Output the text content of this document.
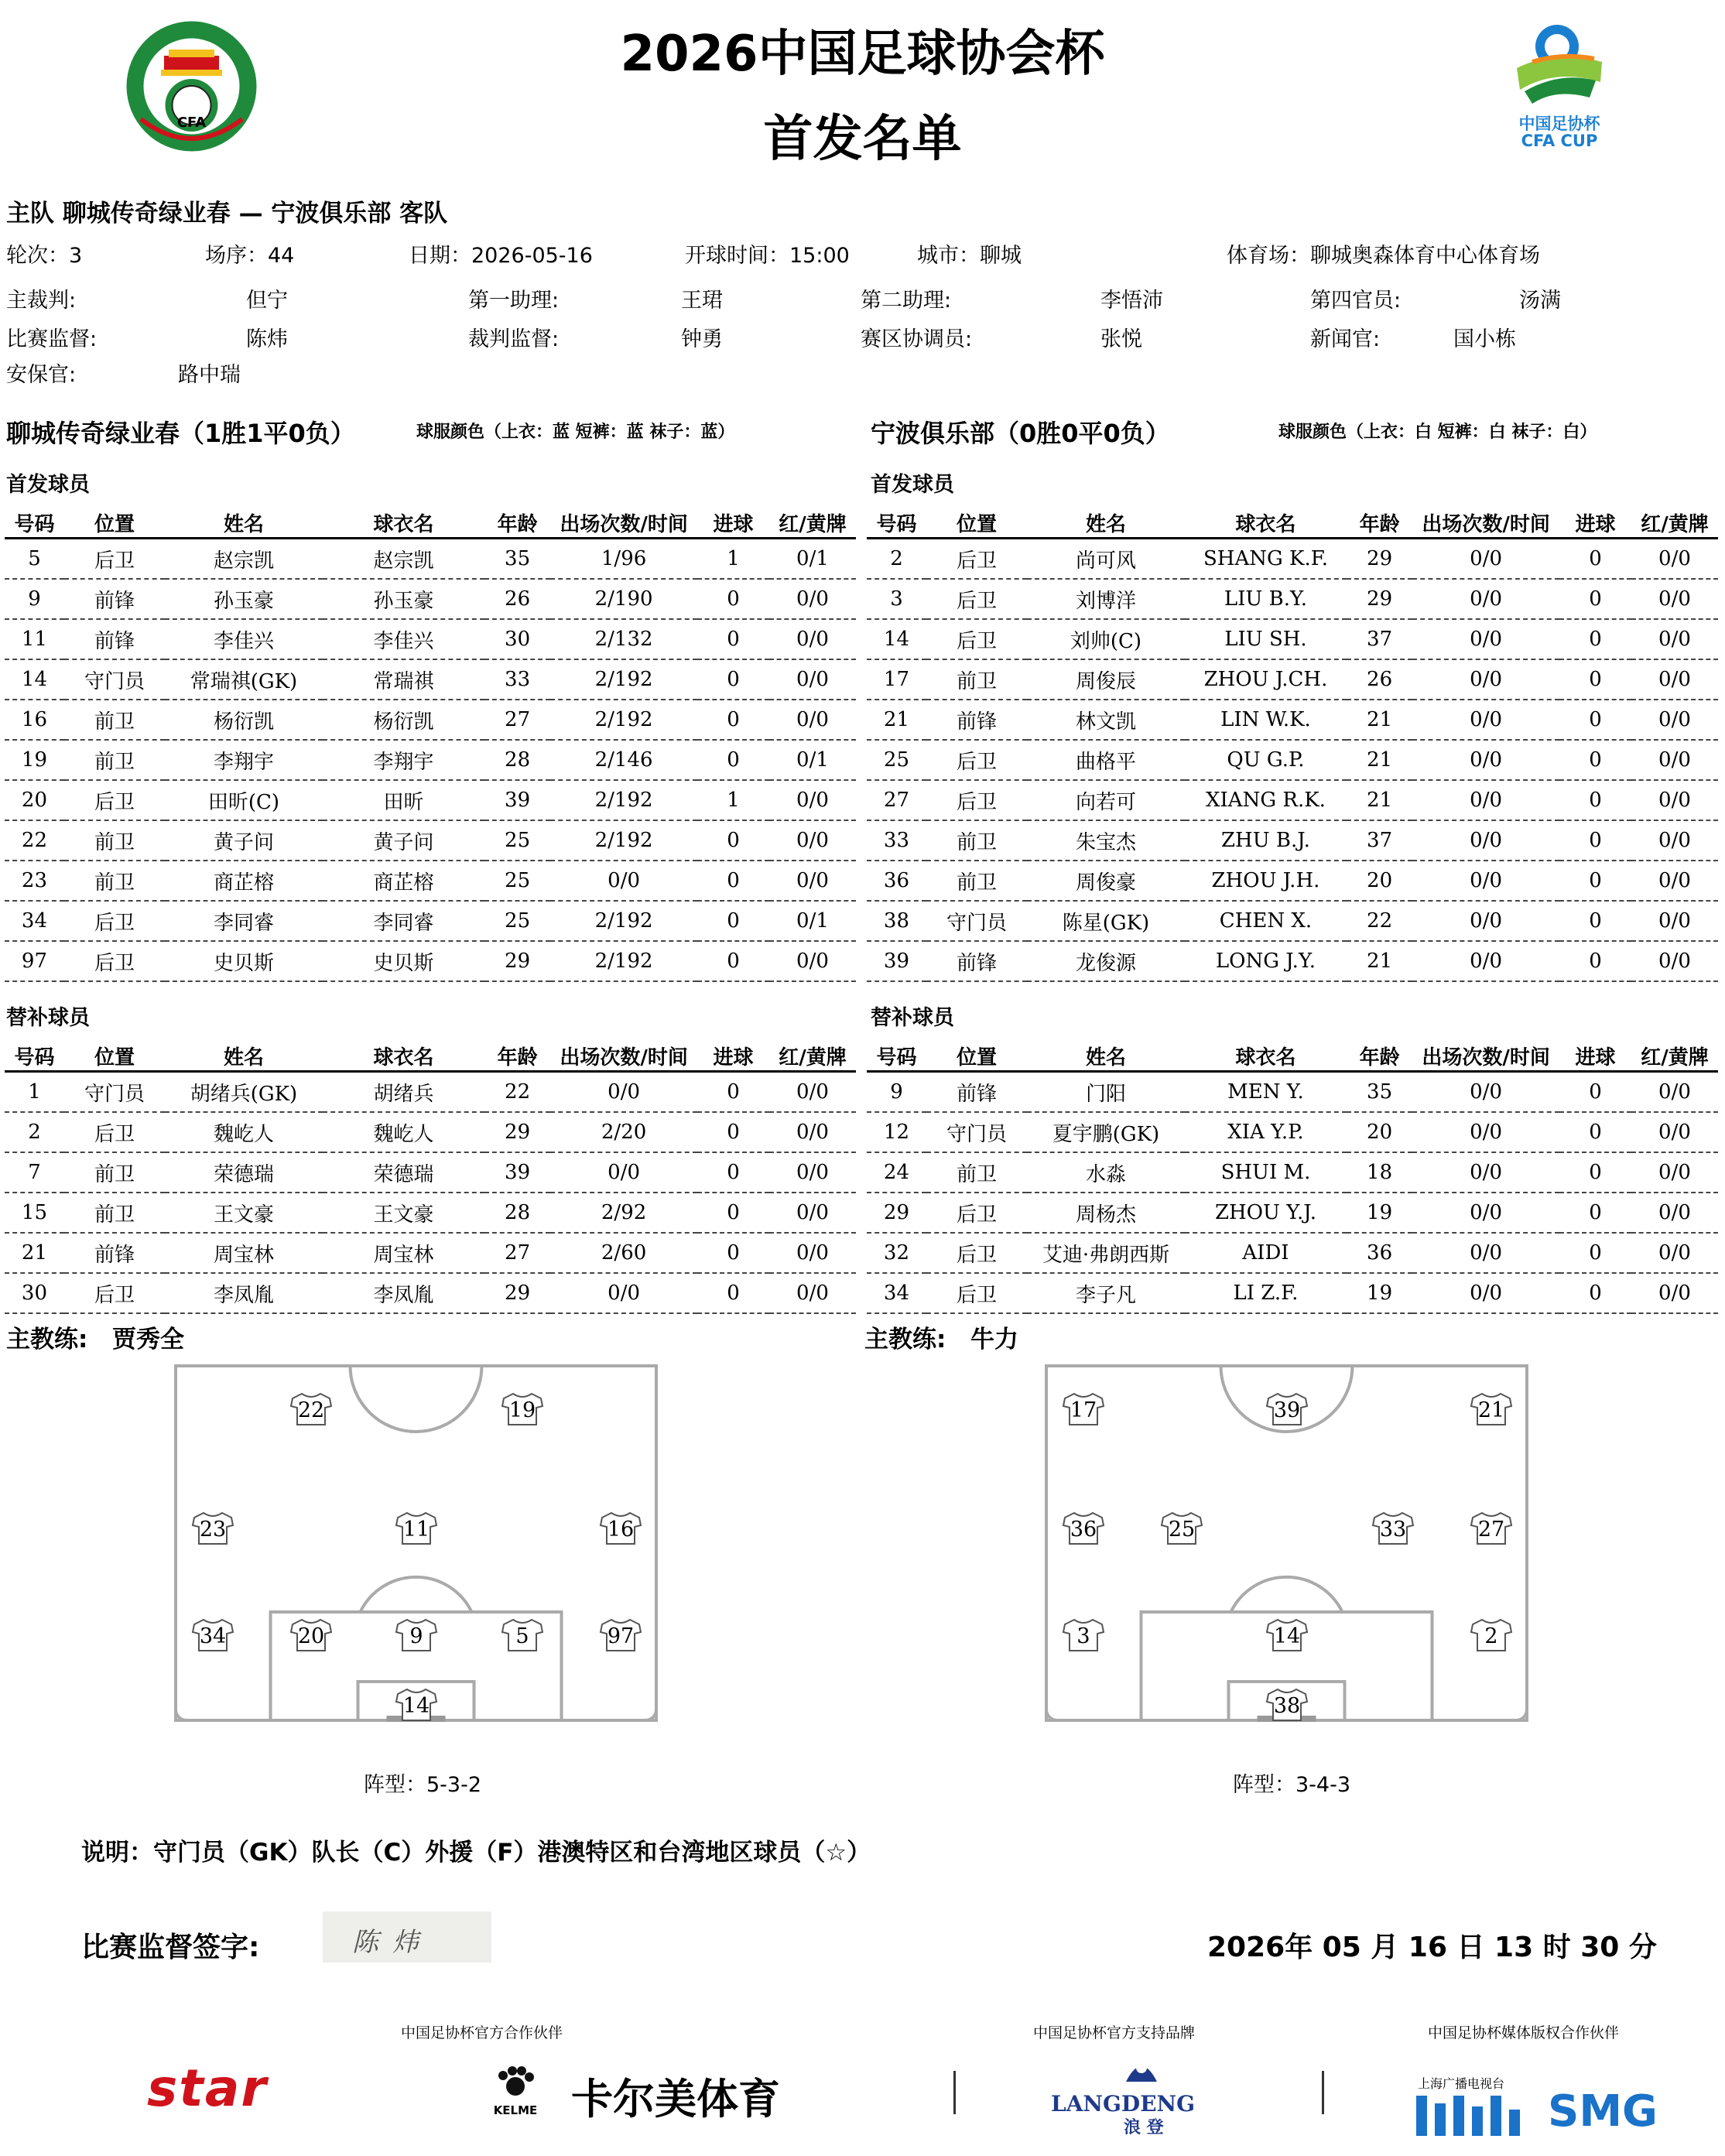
CFA	中国足协杯
CFA CUP
2026中国足球协会杯
首发名单
主队 聊城传奇绿业春 — 宁波俱乐部 客队
轮次：3	场序：44	日期：2026-05-16	开球时间：15:00	城市：聊城	体育场：聊城奥森体育中心体育场
主裁判:	但宁	第一助理:	王珺	第二助理:	李悟沛	第四官员:	汤满
比赛监督:	陈炜	裁判监督:	钟勇	赛区协调员:	张悦	新闻官:	国小栋
安保官:	路中瑞
聊城传奇绿业春（1胜1平0负）	球服颜色（上衣：蓝 短裤：蓝 袜子：蓝）	宁波俱乐部（0胜0平0负）	球服颜色（上衣：白 短裤：白 袜子：白）
首发球员	首发球员
号码	位置	姓名	球衣名	年龄	出场次数/时间	进球	红/黄牌
5	后卫	赵宗凯	赵宗凯	35	1/96	1	0/1
9	前锋	孙玉豪	孙玉豪	26	2/190	0	0/0
11	前锋	李佳兴	李佳兴	30	2/132	0	0/0
14	守门员	常瑞祺(GK)	常瑞祺	33	2/192	0	0/0
16	前卫	杨衍凯	杨衍凯	27	2/192	0	0/0
19	前卫	李翔宇	李翔宇	28	2/146	0	0/1
20	后卫	田昕(C)	田昕	39	2/192	1	0/0
22	前卫	黄子问	黄子问	25	2/192	0	0/0
23	前卫	商芷榕	商芷榕	25	0/0	0	0/0
34	后卫	李同睿	李同睿	25	2/192	0	0/1
97	后卫	史贝斯	史贝斯	29	2/192	0	0/0
号码	位置	姓名	球衣名	年龄	出场次数/时间	进球	红/黄牌
2	后卫	尚可风	SHANG K.F.	29	0/0	0	0/0
3	后卫	刘博洋	LIU B.Y.	29	0/0	0	0/0
14	后卫	刘帅(C)	LIU SH.	37	0/0	0	0/0
17	前卫	周俊辰	ZHOU J.CH.	26	0/0	0	0/0
21	前锋	林文凯	LIN W.K.	21	0/0	0	0/0
25	后卫	曲格平	QU G.P.	21	0/0	0	0/0
27	后卫	向若可	XIANG R.K.	21	0/0	0	0/0
33	前卫	朱宝杰	ZHU B.J.	37	0/0	0	0/0
36	前卫	周俊豪	ZHOU J.H.	20	0/0	0	0/0
38	守门员	陈星(GK)	CHEN X.	22	0/0	0	0/0
39	前锋	龙俊源	LONG J.Y.	21	0/0	0	0/0
替补球员	替补球员
号码	位置	姓名	球衣名	年龄	出场次数/时间	进球	红/黄牌
1	守门员	胡绪兵(GK)	胡绪兵	22	0/0	0	0/0
2	后卫	魏屹人	魏屹人	29	2/20	0	0/0
7	前卫	荣德瑞	荣德瑞	39	0/0	0	0/0
15	前卫	王文豪	王文豪	28	2/92	0	0/0
21	前锋	周宝林	周宝林	27	2/60	0	0/0
30	后卫	李凤胤	李凤胤	29	0/0	0	0/0
号码	位置	姓名	球衣名	年龄	出场次数/时间	进球	红/黄牌
9	前锋	门阳	MEN Y.	35	0/0	0	0/0
12	守门员	夏宇鹏(GK)	XIA Y.P.	20	0/0	0	0/0
24	前卫	水淼	SHUI M.	18	0/0	0	0/0
29	后卫	周杨杰	ZHOU Y.J.	19	0/0	0	0/0
32	后卫	艾迪·弗朗西斯	AIDI	36	0/0	0	0/0
34	后卫	李子凡	LI Z.F.	19	0/0	0	0/0
主教练: 贾秀全	主教练: 牛力
22	19
23	11	16
34	20	9	5	97
14
17	39	21
36	25	33	27
3	14	2
38
阵型：5-3-2	阵型：3-4-3
说明：守门员（GK）队长（C）外援（F）港澳特区和台湾地区球员（☆）
比赛监督签字:	陈炜	2026年 05 月 16 日 13 时 30 分
中国足协杯官方合作伙伴	中国足协杯官方支持品牌	中国足协杯媒体版权合作伙伴
star	KELME 卡尔美体育	LANGDENG
浪 登
上海广播电视台
SMG
